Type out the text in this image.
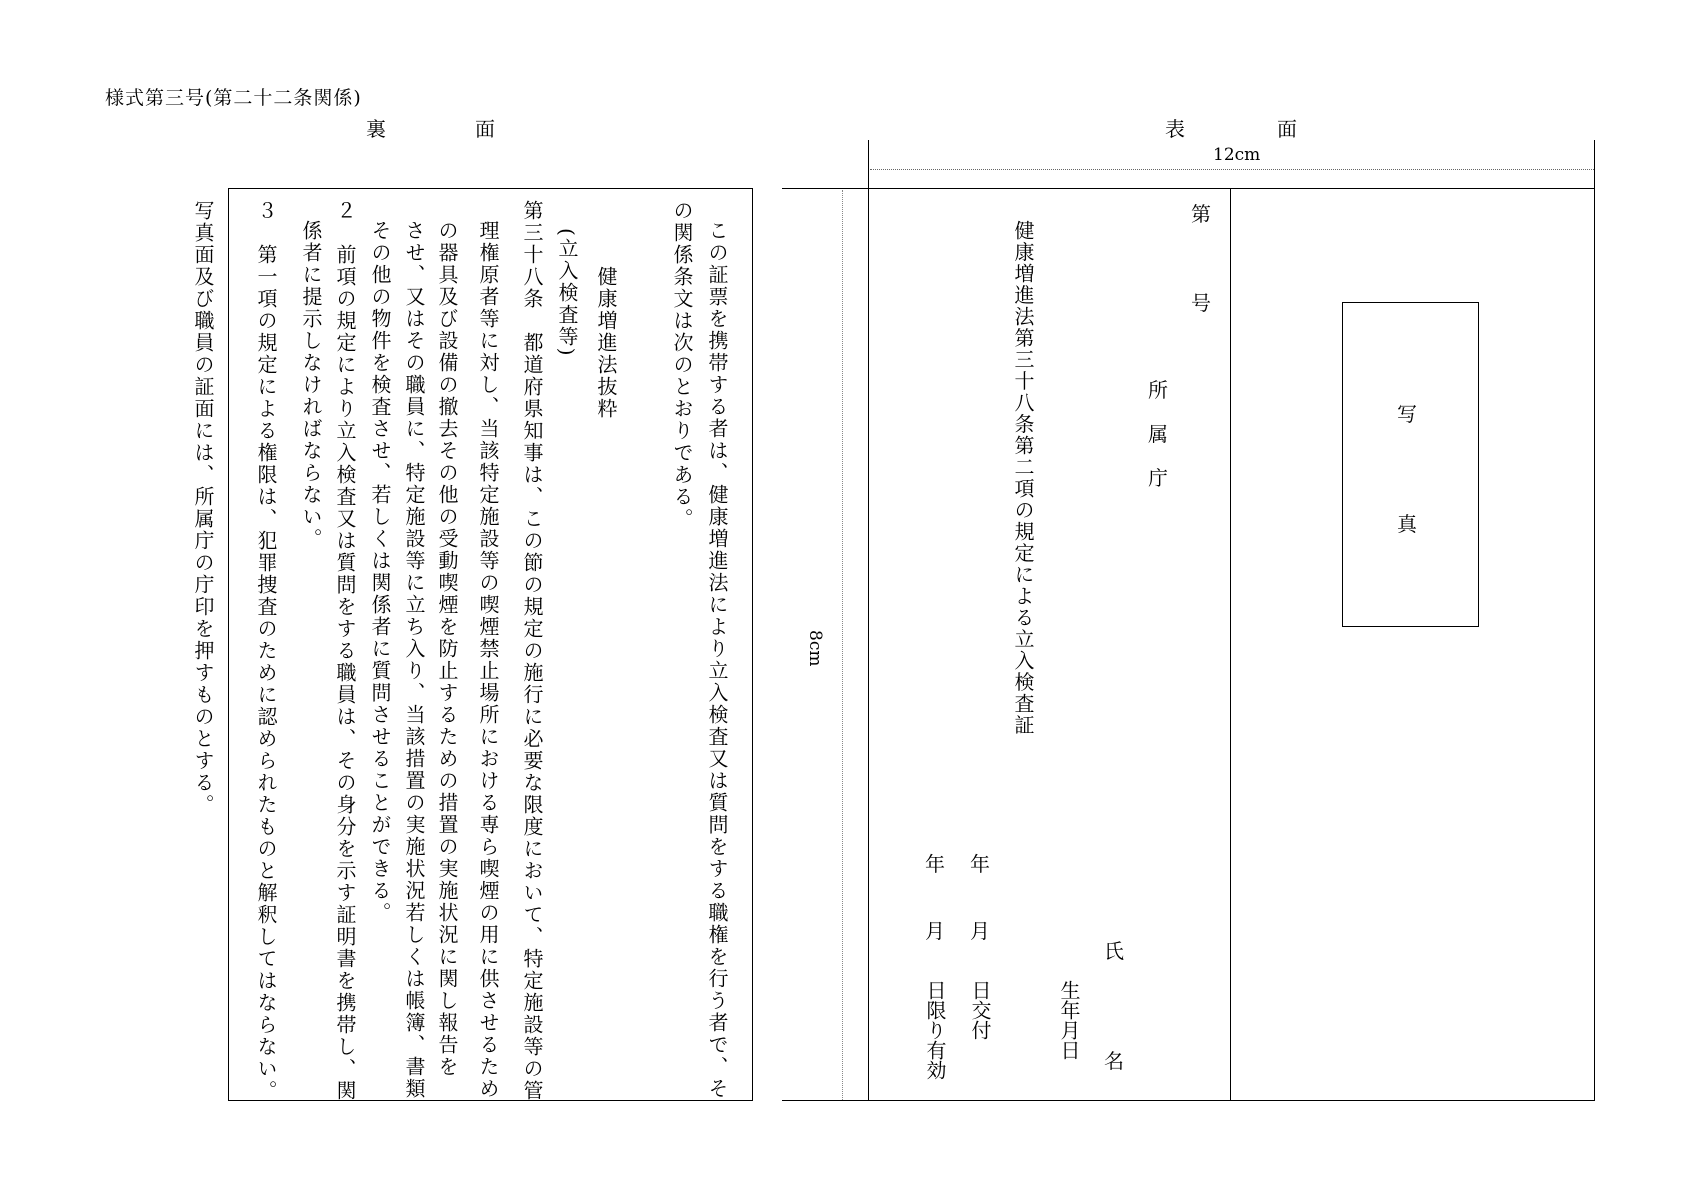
様式第三号(第二十二条関係)
裏	面
この証票を携帯する者は、健康増進法により立入検査又は質問をする職権を行う者で、そ
の関係条文は次のとおりである。
健康増進法抜粋
(立入検査等)
第三十八条　都道府県知事は、この節の規定の施行に必要な限度において、特定施設等の管
理権原者等に対し、当該特定施設等の喫煙禁止場所における専ら喫煙の用に供させるため
の器具及び設備の撤去その他の受動喫煙を防止するための措置の実施状況に関し報告を
させ、又はその職員に、特定施設等に立ち入り、当該措置の実施状況若しくは帳簿、書類
その他の物件を検査させ、若しくは関係者に質問させることができる。
２　前項の規定により立入検査又は質問をする職員は、その身分を示す証明書を携帯し、関
係者に提示しなければならない。
３　第一項の規定による権限は、犯罪捜査のために認められたものと解釈してはならない。
写真面及び職員の証面には、所属庁の庁印を押すものとする。
表	面
12cm
8cm
写
真
第
号
所
属
庁
健康増進法第三十八条第二項の規定による立入検査証
氏
名
生年月日
年
月
日交付
年
月
日限り有効
